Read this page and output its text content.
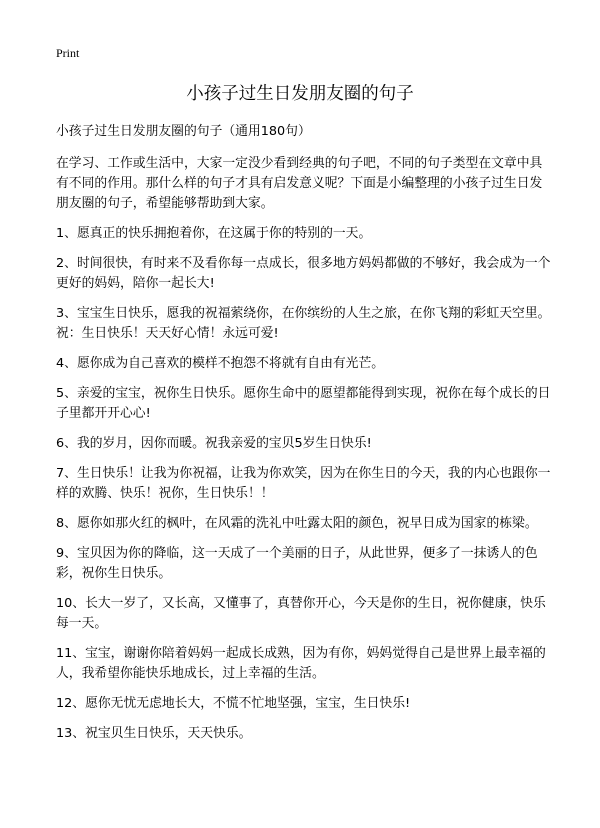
Print
小孩子过生日发朋友圈的句子

小孩子过生日发朋友圈的句子（通用180句）

在学习、工作或生活中，大家一定没少看到经典的句子吧，不同的句子类型在文章中具有不同的作用。那什么样的句子才具有启发意义呢？下面是小编整理的小孩子过生日发朋友圈的句子，希望能够帮助到大家。

1、愿真正的快乐拥抱着你，在这属于你的特别的一天。

2、时间很快，有时来不及看你每一点成长，很多地方妈妈都做的不够好，我会成为一个更好的妈妈，陪你一起长大!

3、宝宝生日快乐，愿我的祝福萦绕你，在你缤纷的人生之旅，在你飞翔的彩虹天空里。祝：生日快乐！天天好心情！永远可爱!

4、愿你成为自己喜欢的模样不抱怨不将就有自由有光芒。

5、亲爱的宝宝，祝你生日快乐。愿你生命中的愿望都能得到实现，祝你在每个成长的日子里都开开心心!

6、我的岁月，因你而暖。祝我亲爱的宝贝5岁生日快乐!

7、生日快乐！让我为你祝福，让我为你欢笑，因为在你生日的今天，我的内心也跟你一样的欢腾、快乐！祝你，生日快乐！！

8、愿你如那火红的枫叶，在风霜的洗礼中吐露太阳的颜色，祝早日成为国家的栋梁。

9、宝贝因为你的降临，这一天成了一个美丽的日子，从此世界，便多了一抹诱人的色彩，祝你生日快乐。

10、长大一岁了，又长高，又懂事了，真替你开心，今天是你的生日，祝你健康，快乐每一天。

11、宝宝，谢谢你陪着妈妈一起成长成熟，因为有你，妈妈觉得自己是世界上最幸福的人，我希望你能快乐地成长，过上幸福的生活。

12、愿你无忧无虑地长大，不慌不忙地坚强，宝宝，生日快乐!

13、祝宝贝生日快乐，天天快乐。
